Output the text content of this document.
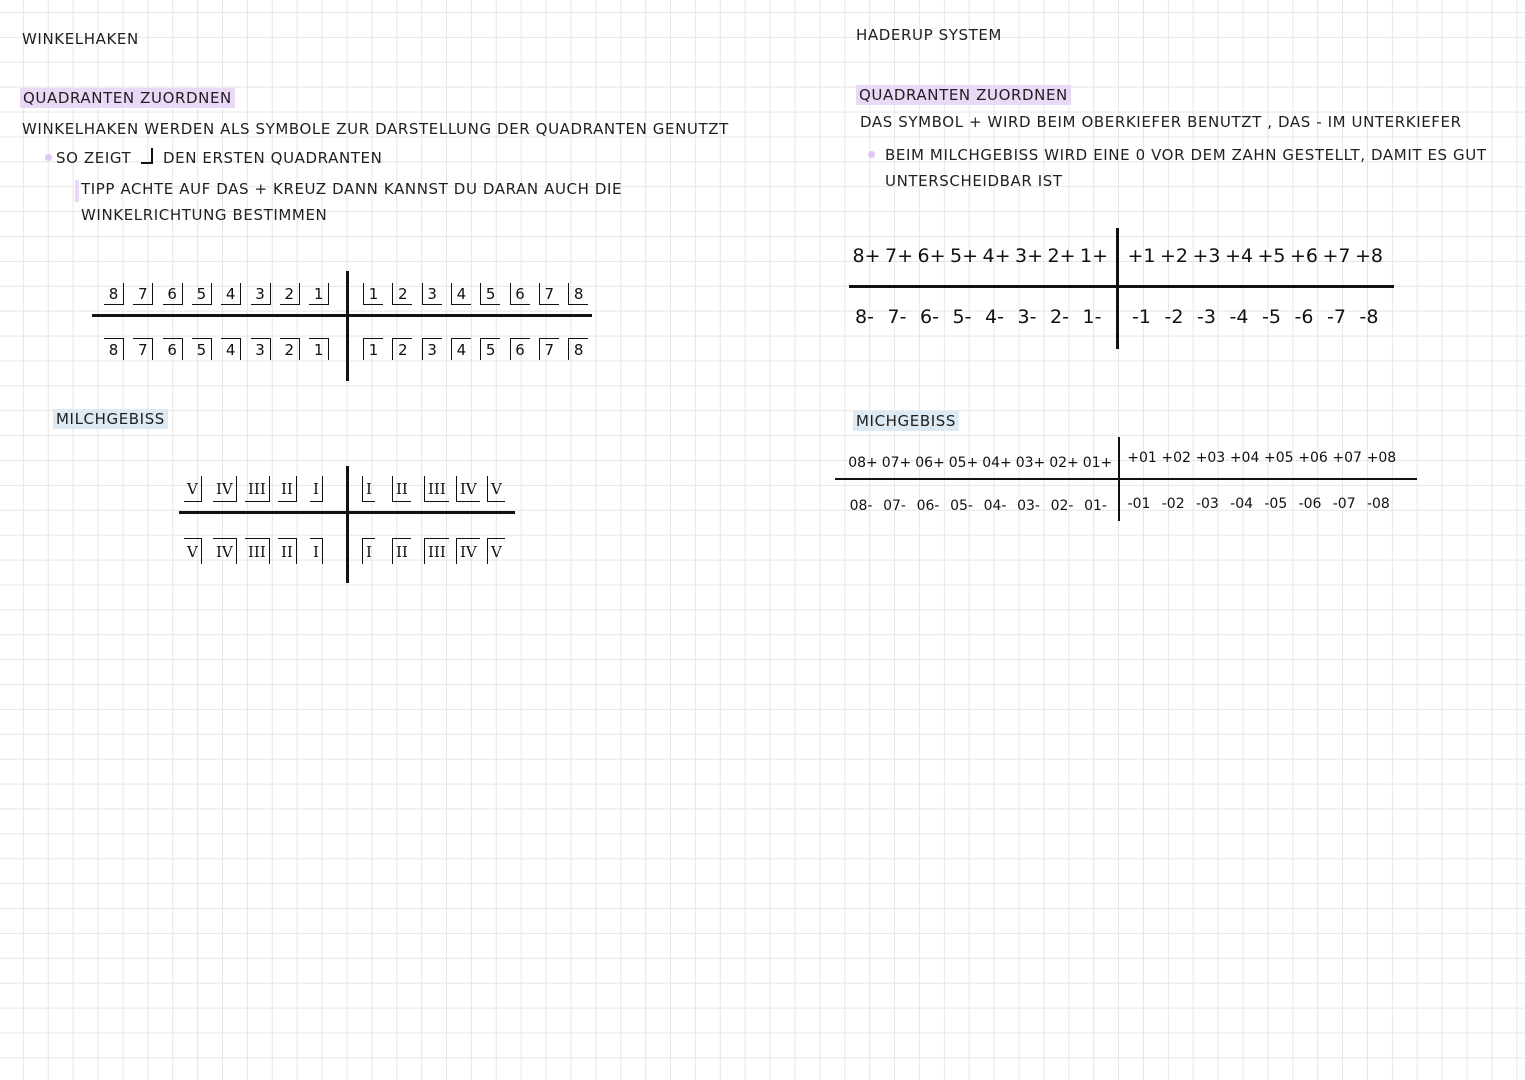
WINKELHAKEN
QUADRANTEN ZUORDNEN
WINKELHAKEN WERDEN ALS SYMBOLE ZUR DARSTELLUNG DER QUADRANTEN GENUTZT
SO ZEIGT DEN ERSTEN QUADRANTEN
TIPP ACHTE AUF DAS + KREUZ DANN KANNST DU DARAN AUCH DIE
WINKELRICHTUNG BESTIMMEN
8	7	6	5	4	3	2	1	1	2	3	4	5	6	7	8
8	7	6	5	4	3	2	1	1	2	3	4	5	6	7	8
MILCHGEBISS
V IV III II I	I II III IV V
V IV III II I	I II III IV V
HADERUP SYSTEM
QUADRANTEN ZUORDNEN
DAS SYMBOL + WIRD BEIM OBERKIEFER BENUTZT , DAS - IM UNTERKIEFER
BEIM MILCHGEBISS WIRD EINE 0 VOR DEM ZAHN GESTELLT, DAMIT ES GUT
UNTERSCHEIDBAR IST
8+ 7+ 6+ 5+ 4+ 3+ 2+ 1+ +1 +2 +3 +4 +5 +6 +7 +8
8- 7- 6- 5- 4- 3- 2- 1-	-1 -2 -3 -4 -5 -6 -7 -8
MICHGEBISS
08+ 07+ 06+ 05+ 04+ 03+ 02+ 01+ +01 +02 +03 +04 +05 +06 +07 +08
08- 07- 06- 05- 04- 03- 02- 01-	-01 -02 -03 -04 -05 -06 -07 -08
